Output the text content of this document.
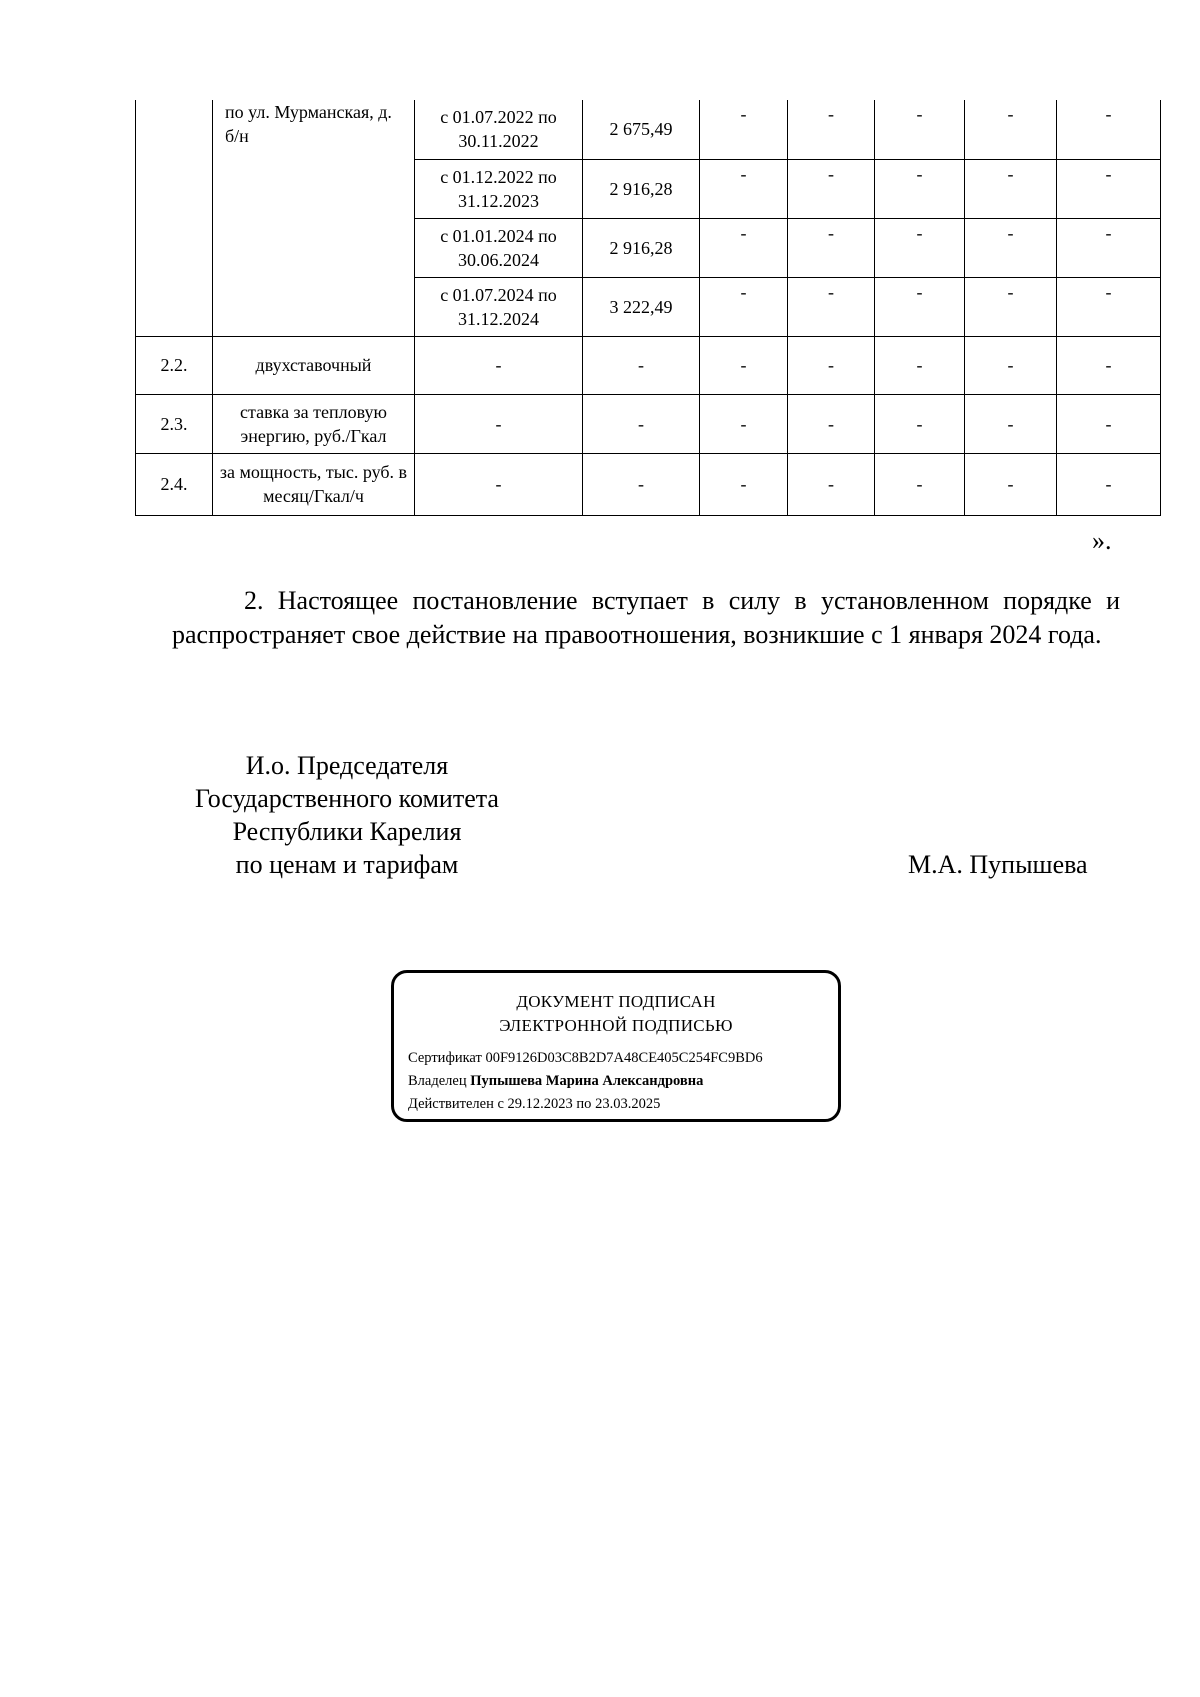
	по ул. Мурманская, д. б/н	с 01.07.2022 по 30.11.2022	2 675,49	-	-	-	-	-
		с 01.12.2022 по 31.12.2023	2 916,28	-	-	-	-	-
		с 01.01.2024 по 30.06.2024	2 916,28	-	-	-	-	-
		с 01.07.2024 по 31.12.2024	3 222,49	-	-	-	-	-
2.2.	двухставочный	-	-	-	-	-	-	-
2.3.	ставка за тепловую энергию, руб./Гкал	-	-	-	-	-	-	-
2.4.	за мощность, тыс. руб. в месяц/Гкал/ч	-	-	-	-	-	-	-
».

2. Настоящее постановление вступает в силу в установленном порядке и распространяет свое действие на правоотношения, возникшие с 1 января 2024 года.

И.о. Председателя
Государственного комитета
Республики Карелия
по ценам и тарифам	М.А. Пупышева
ДОКУМЕНТ ПОДПИСАН
ЭЛЕКТРОННОЙ ПОДПИСЬЮ
Сертификат 00F9126D03C8B2D7A48CE405C254FC9BD6
Владелец Пупышева Марина Александровна
Действителен с 29.12.2023 по 23.03.2025
